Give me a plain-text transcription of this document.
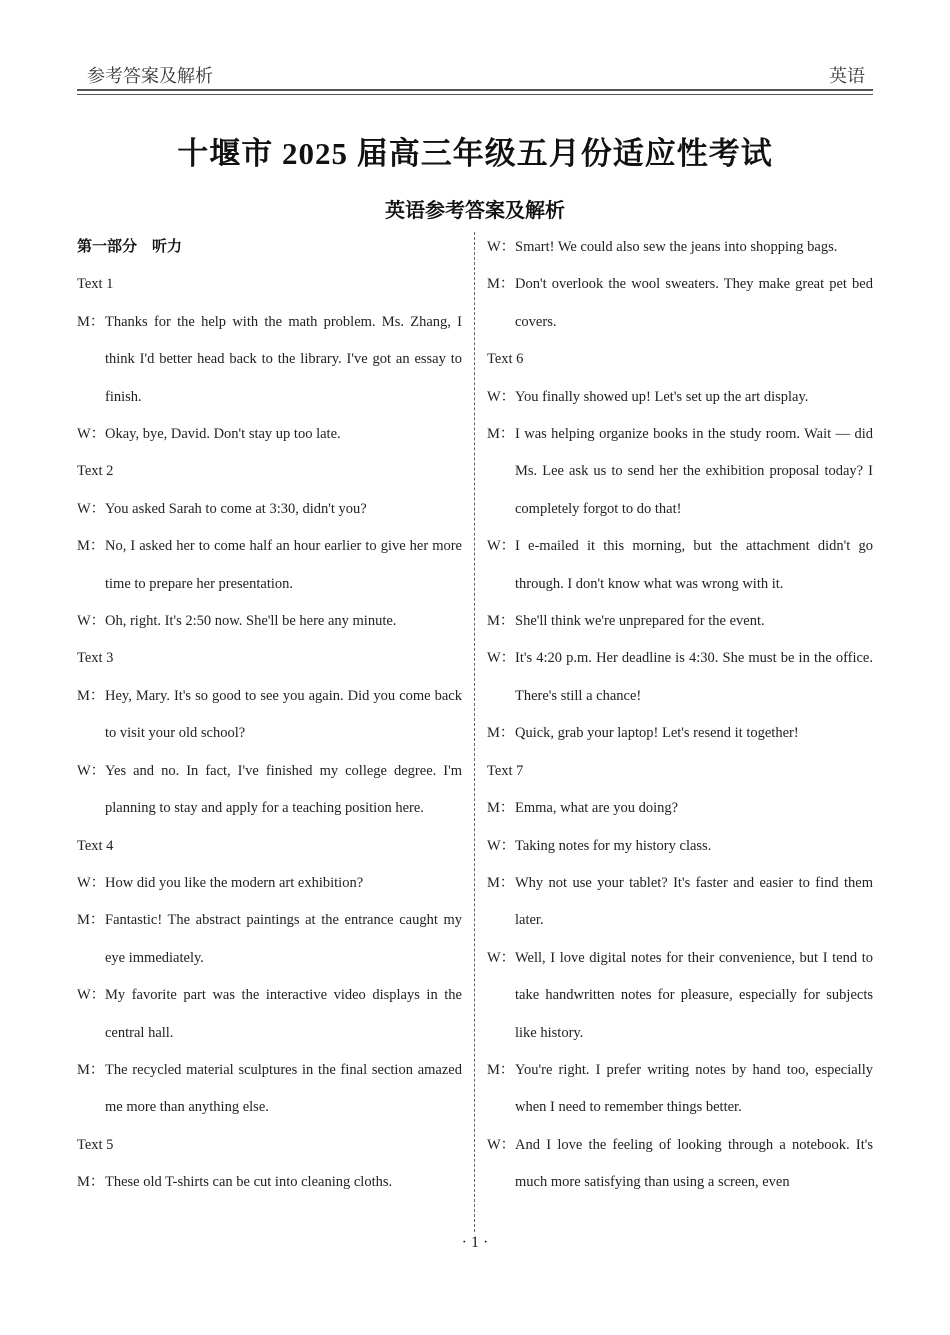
参考答案及解析	英语
十堰市 2025 届高三年级五月份适应性考试
英语参考答案及解析
第一部分　听力
Text 1
M： Thanks for the help with the math problem. Ms. Zhang, I think I'd better head back to the library. I've got an essay to finish.
W： Okay, bye, David. Don't stay up too late.
Text 2
W： You asked Sarah to come at 3:30, didn't you?
M： No, I asked her to come half an hour earlier to give her more time to prepare her presentation.
W： Oh, right. It's 2:50 now. She'll be here any minute.
Text 3
M： Hey, Mary. It's so good to see you again. Did you come back to visit your old school?
W： Yes and no. In fact, I've finished my college degree. I'm planning to stay and apply for a teaching position here.
Text 4
W： How did you like the modern art exhibition?
M： Fantastic! The abstract paintings at the entrance caught my eye immediately.
W： My favorite part was the interactive video displays in the central hall.
M： The recycled material sculptures in the final section amazed me more than anything else.
Text 5
M： These old T-shirts can be cut into cleaning cloths.
W： Smart! We could also sew the jeans into shopping bags.
M： Don't overlook the wool sweaters. They make great pet bed covers.
Text 6
W： You finally showed up! Let's set up the art display.
M： I was helping organize books in the study room. Wait — did Ms. Lee ask us to send her the exhibition proposal today? I completely forgot to do that!
W： I e-mailed it this morning, but the attachment didn't go through. I don't know what was wrong with it.
M： She'll think we're unprepared for the event.
W： It's 4:20 p.m. Her deadline is 4:30. She must be in the office. There's still a chance!
M： Quick, grab your laptop! Let's resend it together!
Text 7
M： Emma, what are you doing?
W： Taking notes for my history class.
M： Why not use your tablet? It's faster and easier to find them later.
W： Well, I love digital notes for their convenience, but I tend to take handwritten notes for pleasure, especially for subjects like history.
M： You're right. I prefer writing notes by hand too, especially when I need to remember things better.
W： And I love the feeling of looking through a notebook. It's much more satisfying than using a screen, even
· 1 ·
